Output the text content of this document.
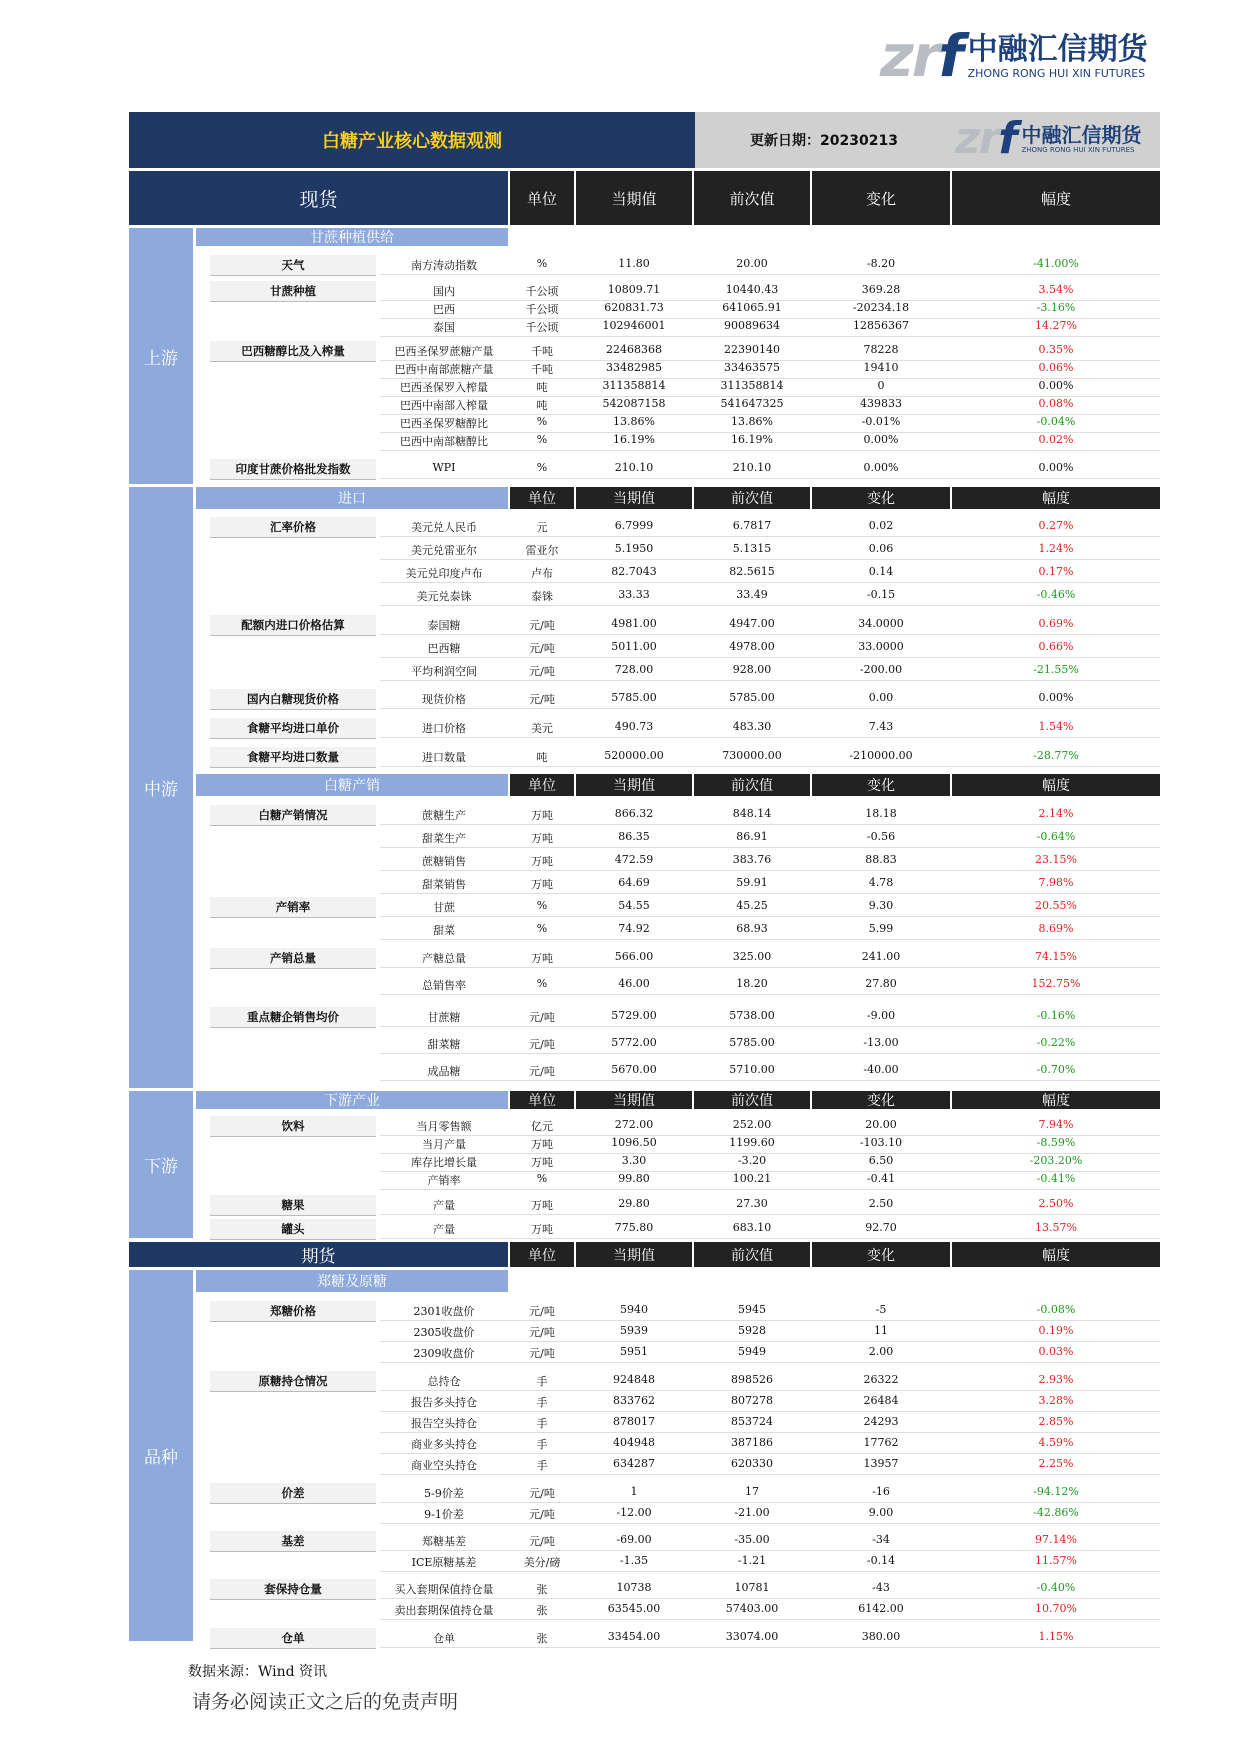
zrf 中融汇信期货
ZHONG RONG HUI XIN FUTURES
白糖产业核心数据观测	更新日期：20230213 zrf 中融汇信期货
ZHONG RONG HUI XIN FUTURES
现货
上游
中游
下游
品种
甘蔗种植供给
进口
白糖产销
下游产业
郑糖及原糖
期货
单位	当期值	前次值	变化	幅度
单位	当期值	前次值	变化	幅度
单位	当期值	前次值	变化	幅度
单位	当期值	前次值	变化	幅度
单位	当期值	前次值	变化	幅度
天气	南方涛动指数	%	11.80	20.00	-8.20	-41.00%
甘蔗种植	国内	千公顷	10809.71	10440.43	369.28	3.54%
巴西	千公顷	620831.73	641065.91	-20234.18	-3.16%
泰国	千公顷	102946001	90089634	12856367	14.27%
巴西糖醇比及入榨量	巴西圣保罗蔗糖产量	千吨	22468368	22390140	78228	0.35%
巴西中南部蔗糖产量	千吨	33482985	33463575	19410	0.06%
巴西圣保罗入榨量	吨	311358814	311358814	0	0.00%
巴西中南部入榨量	吨	542087158	541647325	439833	0.08%
巴西圣保罗糖醇比	%	13.86%	13.86%	-0.01%	-0.04%
巴西中南部糖醇比	%	16.19%	16.19%	0.00%	0.02%
印度甘蔗价格批发指数	WPI	%	210.10	210.10	0.00%	0.00%
汇率价格	美元兑人民币	元	6.7999	6.7817	0.02	0.27%
美元兑雷亚尔	雷亚尔	5.1950	5.1315	0.06	1.24%
美元兑印度卢布	卢布	82.7043	82.5615	0.14	0.17%
美元兑泰铢	泰铢	33.33	33.49	-0.15	-0.46%
配额内进口价格估算	泰国糖	元/吨	4981.00	4947.00	34.0000	0.69%
巴西糖	元/吨	5011.00	4978.00	33.0000	0.66%
平均利润空间	元/吨	728.00	928.00	-200.00	-21.55%
国内白糖现货价格	现货价格	元/吨	5785.00	5785.00	0.00	0.00%
食糖平均进口单价	进口价格	美元	490.73	483.30	7.43	1.54%
食糖平均进口数量	进口数量	吨	520000.00	730000.00	-210000.00	-28.77%
白糖产销情况	蔗糖生产	万吨	866.32	848.14	18.18	2.14%
甜菜生产	万吨	86.35	86.91	-0.56	-0.64%
蔗糖销售	万吨	472.59	383.76	88.83	23.15%
甜菜销售	万吨	64.69	59.91	4.78	7.98%
产销率	甘蔗	%	54.55	45.25	9.30	20.55%
甜菜	%	74.92	68.93	5.99	8.69%
产销总量	产糖总量	万吨	566.00	325.00	241.00	74.15%
总销售率	%	46.00	18.20	27.80	152.75%
重点糖企销售均价	甘蔗糖	元/吨	5729.00	5738.00	-9.00	-0.16%
甜菜糖	元/吨	5772.00	5785.00	-13.00	-0.22%
成品糖	元/吨	5670.00	5710.00	-40.00	-0.70%
饮料	当月零售额	亿元	272.00	252.00	20.00	7.94%
当月产量	万吨	1096.50	1199.60	-103.10	-8.59%
库存比增长量	万吨	3.30	-3.20	6.50	-203.20%
产销率	%	99.80	100.21	-0.41	-0.41%
糖果	产量	万吨	29.80	27.30	2.50	2.50%
罐头	产量	万吨	775.80	683.10	92.70	13.57%
郑糖价格	2301收盘价	元/吨	5940	5945	-5	-0.08%
2305收盘价	元/吨	5939	5928	11	0.19%
2309收盘价	元/吨	5951	5949	2.00	0.03%
原糖持仓情况	总持仓	手	924848	898526	26322	2.93%
报告多头持仓	手	833762	807278	26484	3.28%
报告空头持仓	手	878017	853724	24293	2.85%
商业多头持仓	手	404948	387186	17762	4.59%
商业空头持仓	手	634287	620330	13957	2.25%
价差	5-9价差	元/吨	1	17	-16	-94.12%
9-1价差	元/吨	-12.00	-21.00	9.00	-42.86%
基差	郑糖基差	元/吨	-69.00	-35.00	-34	97.14%
ICE原糖基差	美分/磅	-1.35	-1.21	-0.14	11.57%
套保持仓量	买入套期保值持仓量	张	10738	10781	-43	-0.40%
卖出套期保值持仓量	张	63545.00	57403.00	6142.00	10.70%
仓单	仓单	张	33454.00	33074.00	380.00	1.15%
数据来源：Wind 资讯
请务必阅读正文之后的免责声明
